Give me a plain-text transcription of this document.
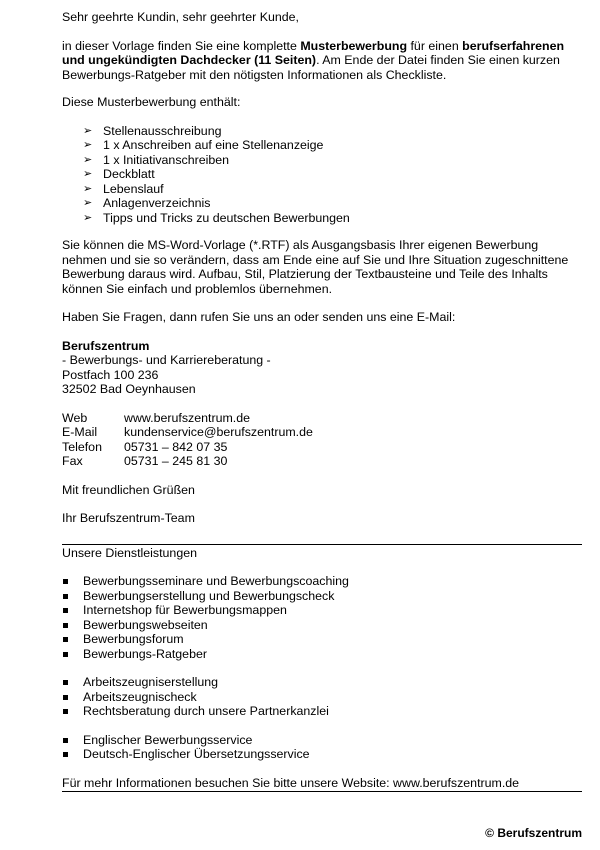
Sehr geehrte Kundin, sehr geehrter Kunde,

in dieser Vorlage finden Sie eine komplette Musterbewerbung für einen berufserfahrenen und ungekündigten Dachdecker (11 Seiten). Am Ende der Datei finden Sie einen kurzen Bewerbungs-Ratgeber mit den nötigsten Informationen als Checkliste.

Diese Musterbewerbung enthält:

➢ Stellenausschreibung
➢ 1 x Anschreiben auf eine Stellenanzeige
➢ 1 x Initiativanschreiben
➢ Deckblatt
➢ Lebenslauf
➢ Anlagenverzeichnis
➢ Tipps und Tricks zu deutschen Bewerbungen

Sie können die MS-Word-Vorlage (*.RTF) als Ausgangsbasis Ihrer eigenen Bewerbung nehmen und sie so verändern, dass am Ende eine auf Sie und Ihre Situation zugeschnittene Bewerbung daraus wird. Aufbau, Stil, Platzierung der Textbausteine und Teile des Inhalts können Sie einfach und problemlos übernehmen.

Haben Sie Fragen, dann rufen Sie uns an oder senden uns eine E-Mail:

Berufszentrum

- Bewerbungs- und Karriereberatung -

Postfach 100 236

32502 Bad Oeynhausen

Web	www.berufszentrum.de
E-Mail	kundenservice@berufszentrum.de
Telefon	05731 – 842 07 35
Fax	05731 – 245 81 30

Mit freundlichen Grüßen

Ihr Berufszentrum-Team

Unsere Dienstleistungen

Bewerbungsseminare und Bewerbungscoaching
Bewerbungserstellung und Bewerbungscheck
Internetshop für Bewerbungsmappen
Bewerbungswebseiten
Bewerbungsforum
Bewerbungs-Ratgeber
Arbeitszeugniserstellung
Arbeitszeugnischeck
Rechtsberatung durch unsere Partnerkanzlei
Englischer Bewerbungsservice
Deutsch-Englischer Übersetzungsservice

Für mehr Informationen besuchen Sie bitte unsere Website: www.berufszentrum.de

© Berufszentrum
